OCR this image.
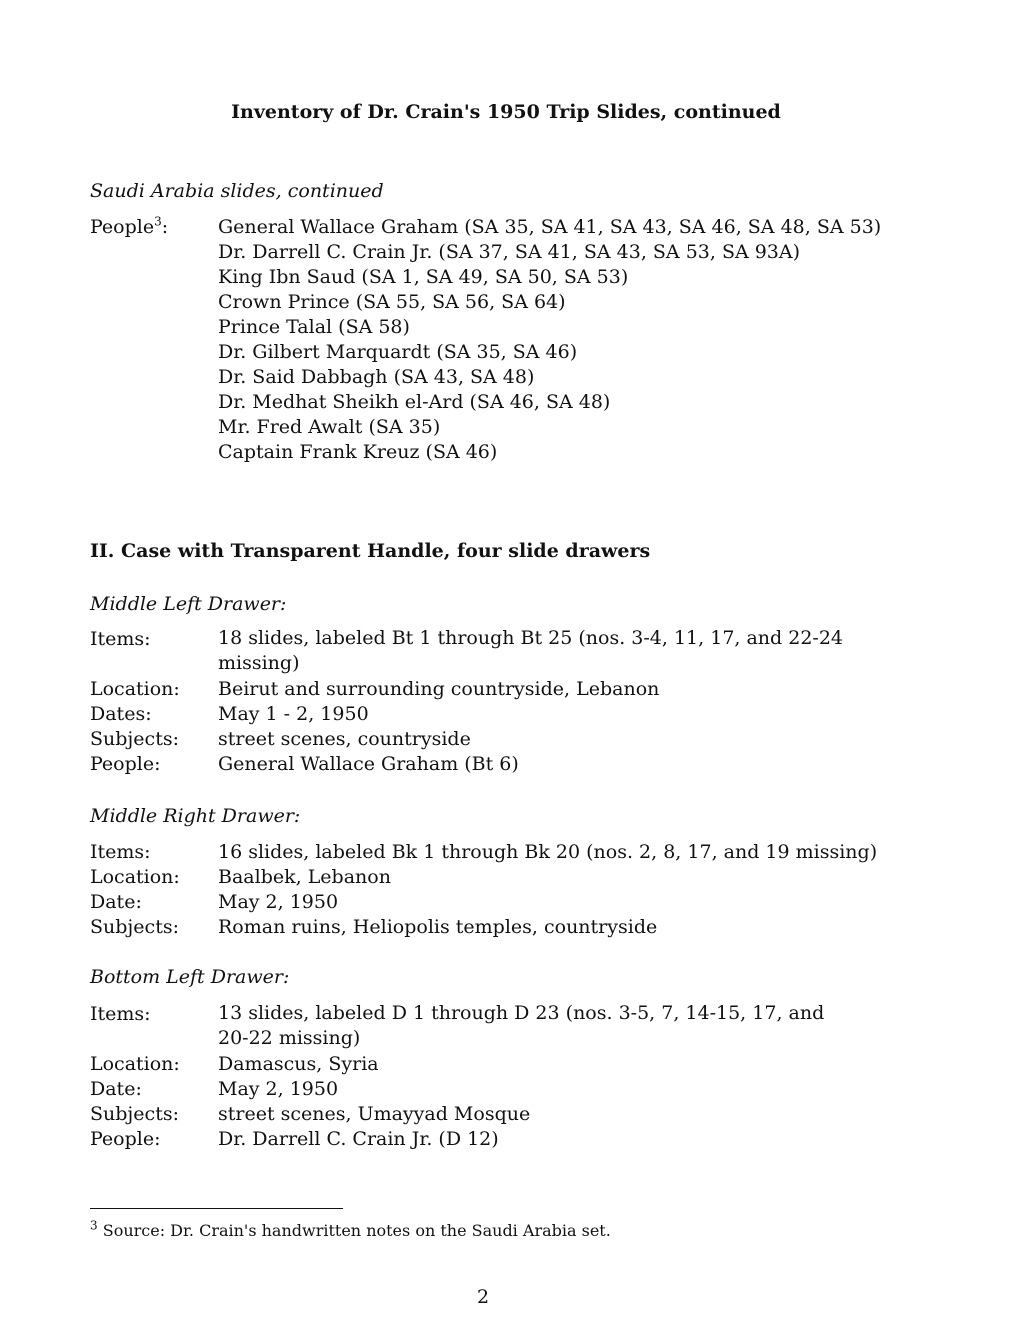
Inventory of Dr. Crain's 1950 Trip Slides, continued
Saudi Arabia slides, continued
People$^3$:	General Wallace Graham (SA 35, SA 41, SA 43, SA 46, SA 48, SA 53)
Dr. Darrell C. Crain Jr. (SA 37, SA 41, SA 43, SA 53, SA 93A)
King Ibn Saud (SA 1, SA 49, SA 50, SA 53)
Crown Prince (SA 55, SA 56, SA 64)
Prince Talal (SA 58)
Dr. Gilbert Marquardt (SA 35, SA 46)
Dr. Said Dabbagh (SA 43, SA 48)
Dr. Medhat Sheikh el-Ard (SA 46, SA 48)
Mr. Fred Awalt (SA 35)
Captain Frank Kreuz (SA 46)
II. Case with Transparent Handle, four slide drawers
Middle Left Drawer:
Items:	18 slides, labeled Bt 1 through Bt 25 (nos. 3-4, 11, 17, and 22-24 missing)
Location: Beirut and surrounding countryside, Lebanon
Dates:	May 1 - 2, 1950
Subjects: street scenes, countryside
People:	General Wallace Graham (Bt 6)
Middle Right Drawer:
Items:	16 slides, labeled Bk 1 through Bk 20 (nos. 2, 8, 17, and 19 missing)
Location: Baalbek, Lebanon
Date:	May 2, 1950
Subjects: Roman ruins, Heliopolis temples, countryside
Bottom Left Drawer:
Items:	13 slides, labeled D 1 through D 23 (nos. 3-5, 7, 14-15, 17, and 20-22 missing)
Location: Damascus, Syria
Date:	May 2, 1950
Subjects: street scenes, Umayyad Mosque
People:	Dr. Darrell C. Crain Jr. (D 12)
$^3$ Source: Dr. Crain's handwritten notes on the Saudi Arabia set.
2
